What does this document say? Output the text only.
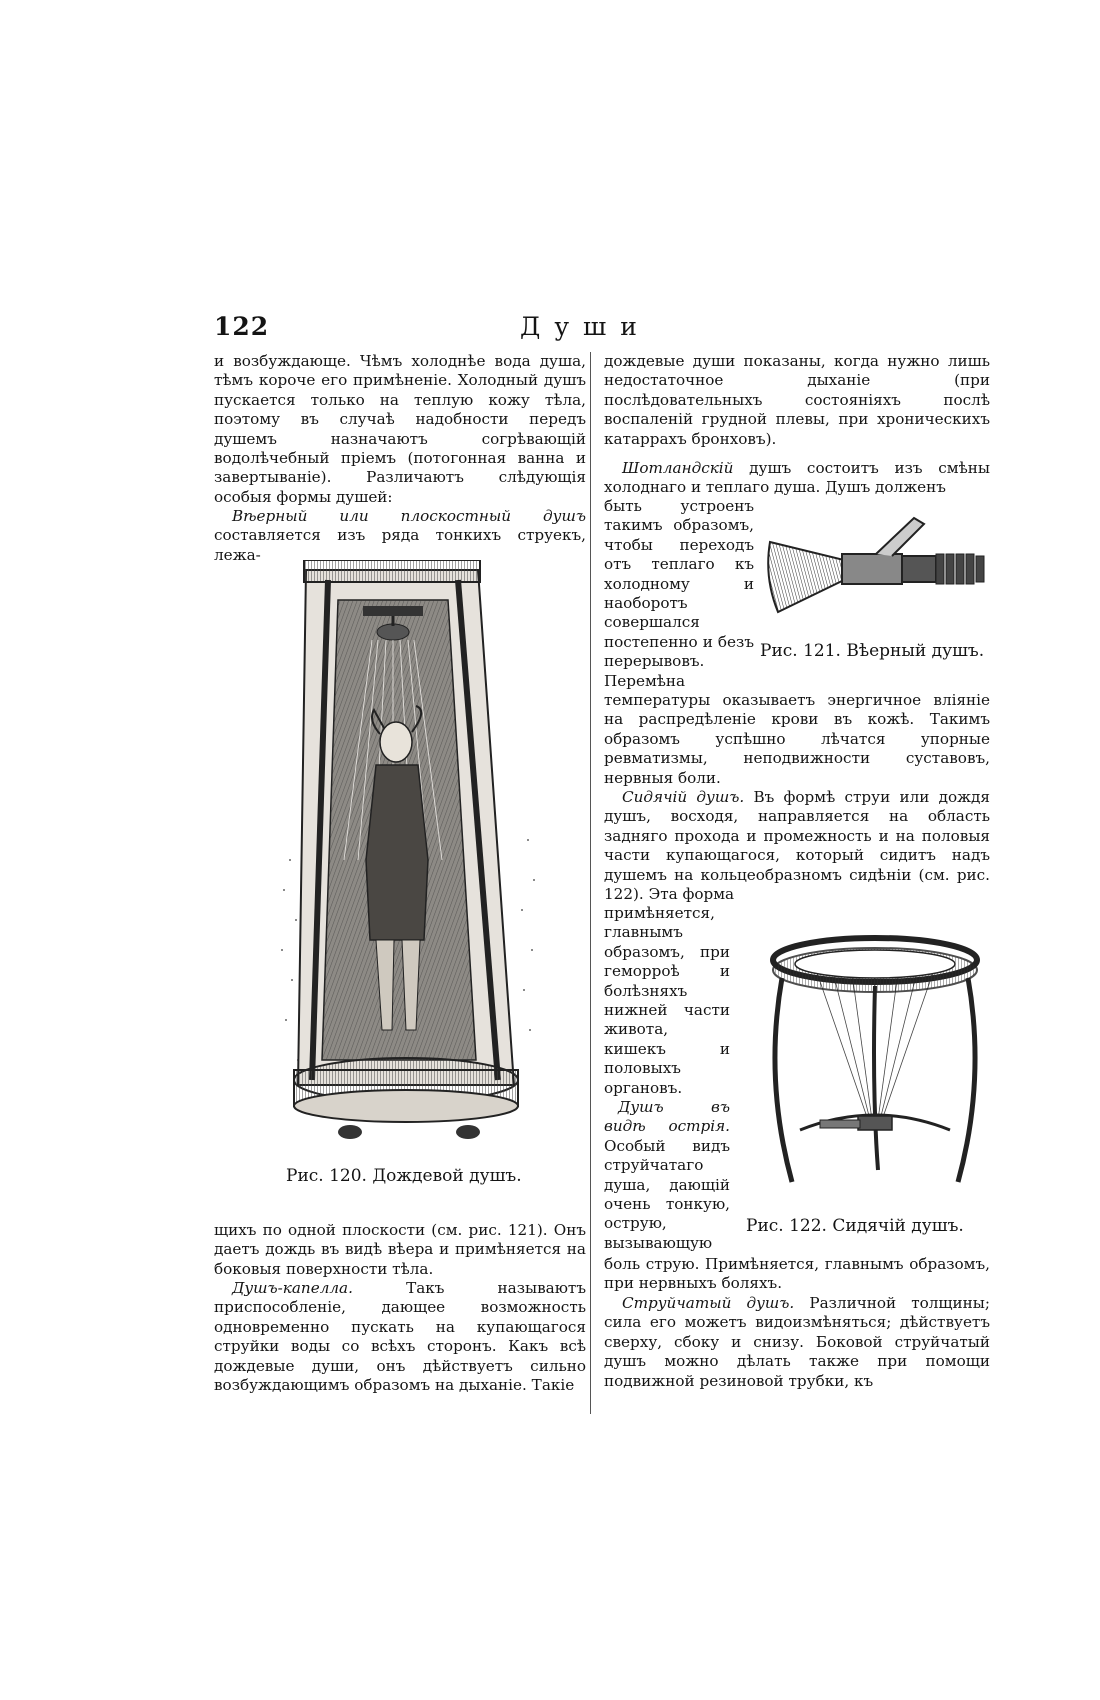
122	Души
и возбуждающе. Чѣмъ холоднѣе вода душа, тѣмъ короче его примѣненіе. Холодный душъ пускается только на теплую кожу тѣла, поэтому въ случаѣ надобности передъ душемъ назначаютъ согрѣвающій водолѣчебный пріемъ (потогонная ванна и завертываніе). Различаютъ слѣдующія особыя формы душей:
Вѣерный или плоскостный душъ составляется изъ ряда тонкихъ струекъ, лежа-
Рис. 120. Дождевой душъ.
щихъ по одной плоскости (см. рис. 121). Онъ даетъ дождь въ видѣ вѣера и примѣняется на боковыя поверхности тѣла.
Душъ-капелла. Такъ называютъ приспособленіе, дающее возможность одновременно пускать на купающагося струйки воды со всѣхъ сторонъ. Какъ всѣ дождевые души, онъ дѣйствуетъ сильно возбуждающимъ образомъ на дыханіе. Такіе
дождевые души показаны, когда нужно лишь недостаточное дыханіе (при послѣдовательныхъ состояніяхъ послѣ воспаленій грудной плевы, при хроническихъ катаррахъ бронховъ).
Шотландскій душъ состоитъ изъ смѣны холоднаго и теплаго душа. Душъ долженъ
быть устроенъ такимъ образомъ, чтобы переходъ отъ теплаго къ холодному и наоборотъ совершался постепенно и безъ перерывовъ. Перемѣна
Рис. 121. Вѣерный душъ.
температуры оказываетъ энергичное вліяніе на распредѣленіе крови въ кожѣ. Такимъ образомъ успѣшно лѣчатся упорные ревматизмы, неподвижности суставовъ, нервныя боли.
Сидячій душъ. Въ формѣ струи или дождя душъ, восходя, направляется на область задняго прохода и промежность и на половыя части купающагося, который сидитъ надъ душемъ на кольцеобразномъ сидѣніи (см. рис. 122). Эта форма
примѣняется, главнымъ образомъ, при геморроѣ и болѣзняхъ нижней части живота, кишекъ и половыхъ органовъ.
Душъ въ видѣ острія. Особый видъ струйчатаго душа, дающій очень тонкую, острую, вызывающую
Рис. 122. Сидячій душъ.
боль струю. Примѣняется, главнымъ образомъ, при нервныхъ боляхъ.
Струйчатый душъ. Различной толщины; сила его можетъ видоизмѣняться; дѣйствуетъ сверху, сбоку и снизу. Боковой струйчатый душъ можно дѣлать также при помощи подвижной резиновой трубки, къ
